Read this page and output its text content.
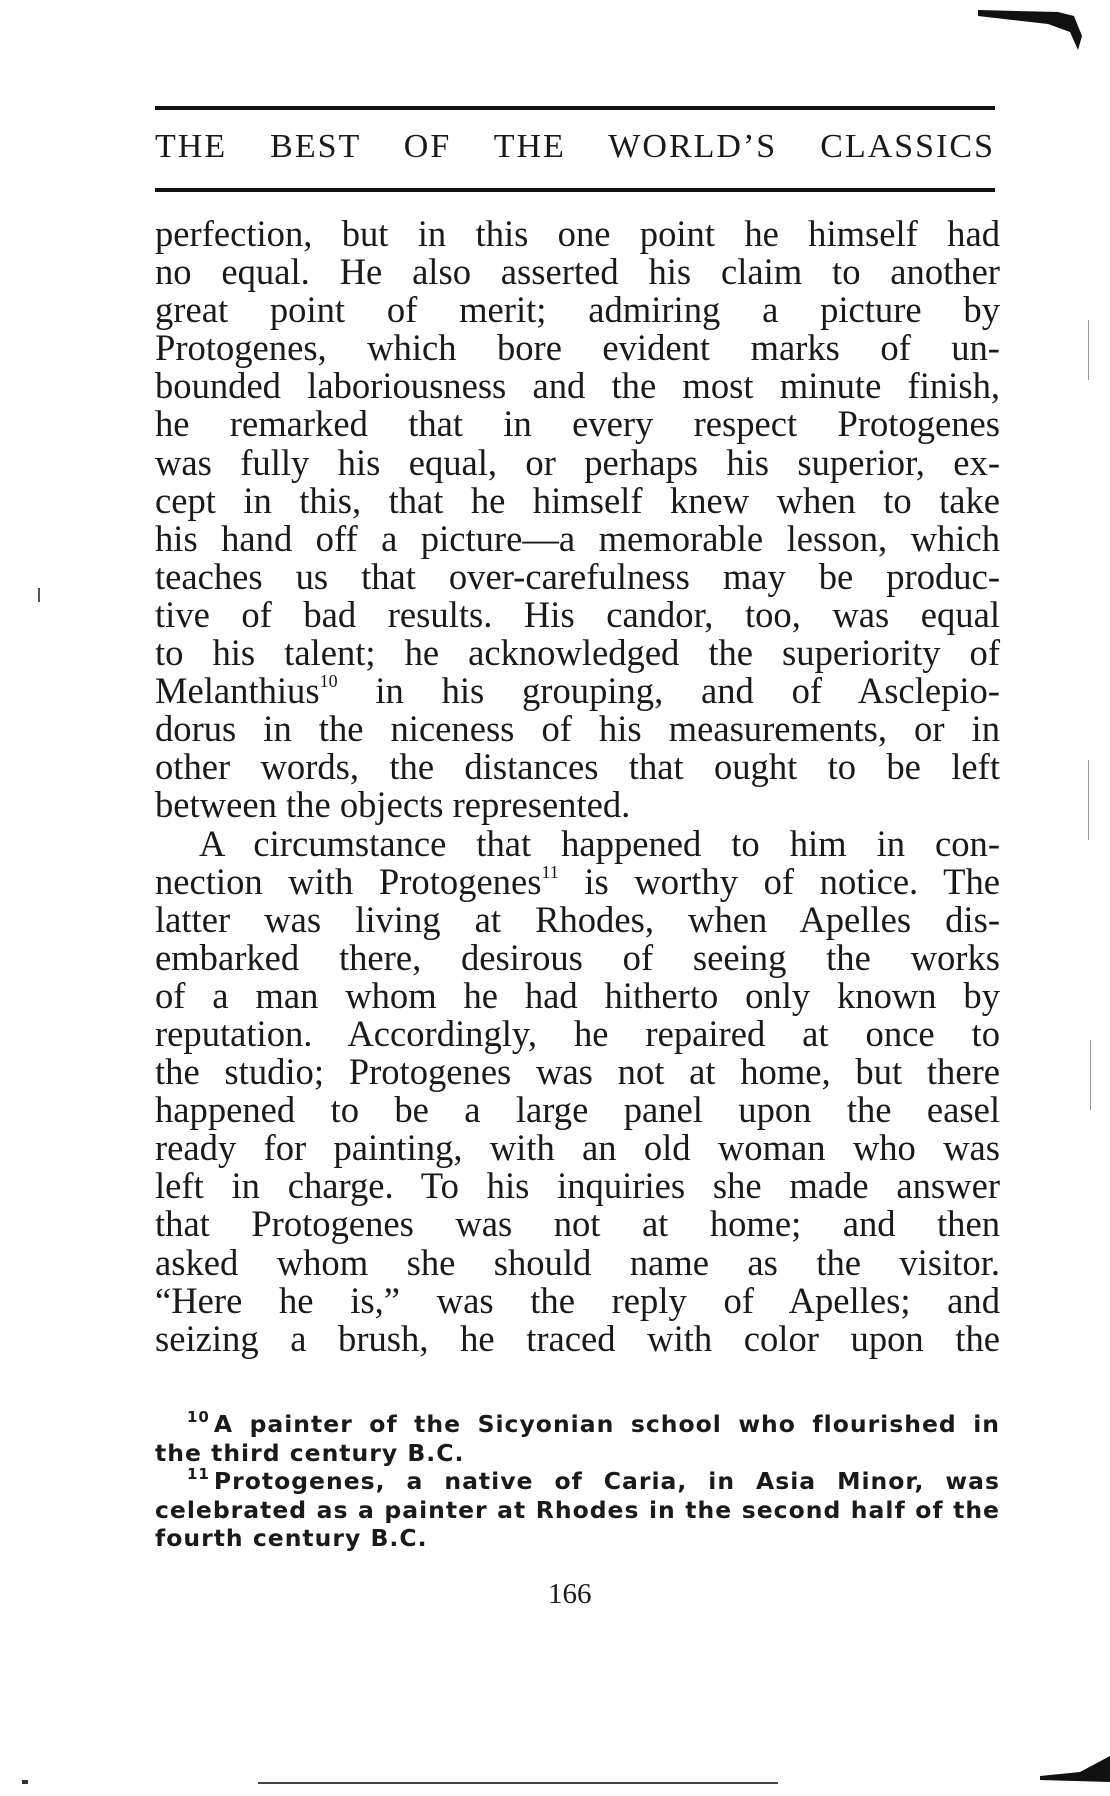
THE BEST OF THE WORLD’S CLASSICS
perfection, but in this one point he himself had
no equal. He also asserted his claim to another
great point of merit; admiring a picture by
Protogenes, which bore evident marks of un-
bounded laboriousness and the most minute finish,
he remarked that in every respect Protogenes
was fully his equal, or perhaps his superior, ex-
cept in this, that he himself knew when to take
his hand off a picture—a memorable lesson, which
teaches us that over-carefulness may be produc-
tive of bad results. His candor, too, was equal
to his talent; he acknowledged the superiority of
Melanthius$^{10}$ in his grouping, and of Asclepio-
dorus in the niceness of his measurements, or in
other words, the distances that ought to be left
between the objects represented.
A circumstance that happened to him in con-
nection with Protogenes$^{11}$ is worthy of notice. The
latter was living at Rhodes, when Apelles dis-
embarked there, desirous of seeing the works
of a man whom he had hitherto only known by
reputation. Accordingly, he repaired at once to
the studio; Protogenes was not at home, but there
happened to be a large panel upon the easel
ready for painting, with an old woman who was
left in charge. To his inquiries she made answer
that Protogenes was not at home; and then
asked whom she should name as the visitor.
“Here he is,” was the reply of Apelles; and
seizing a brush, he traced with color upon the
$^{10}$ A painter of the Sicyonian school who flourished in
the third century B.C.
$^{11}$ Protogenes, a native of Caria, in Asia Minor, was
celebrated as a painter at Rhodes in the second half of the
fourth century B.C.
166
